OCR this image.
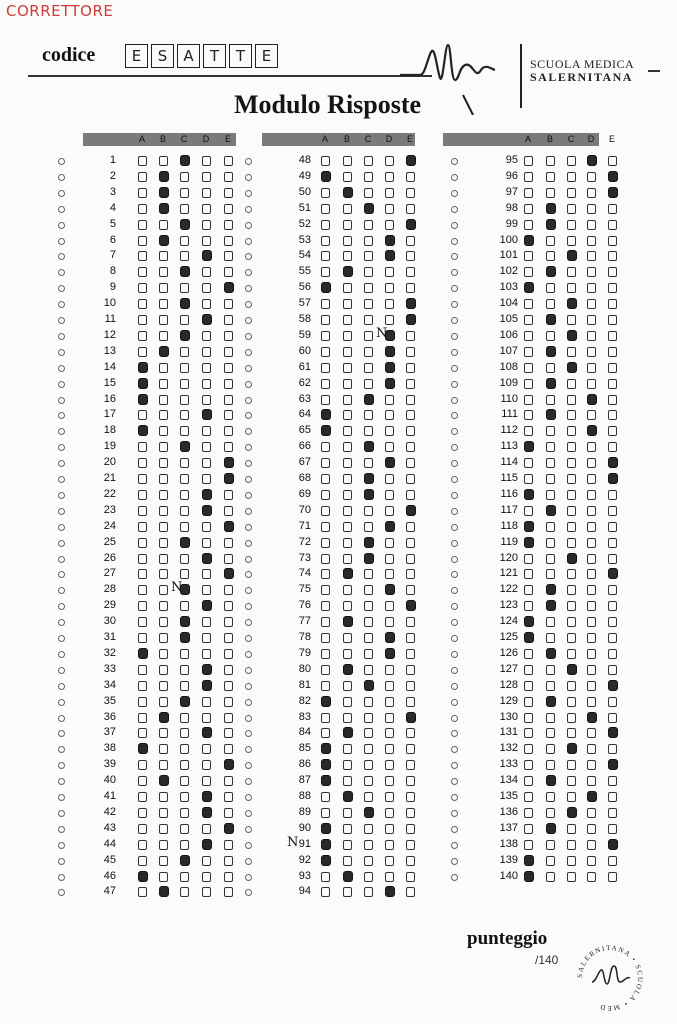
CORRETTORE
codice	E	S	A	T	T	E	SCUOLA MEDICA
SALERNITANA
Modulo Risposte
A B C D E
1
2
3
4
5
6
7
8
9
10
11
12
13
14
15
16
17
18
19
20
21
22
23
24
25
26
27
28	N
29
30
31
32
33
34
35
36
37
38
39
40
41
42
43
44
45
46
47
A B C D E
48
49
50
51
52
53
54
55
56
57
58
59	N
60
61
62
63
64
65
66
67
68
69
70
71
72
73
74
75
76
77
78
79
80
81
82
83
84
85
86
87
88
89
90
91
N
92
93
94
A B C D E
95
96
97
98
99
100
101
102
103
104
105
106
107
108
109
110
111
112
113
114
115
116
117
118
119
120
121
122
123
124
125
126
127
128
129
130
131
132
133
134
135
136
137
138
139
140
punteggio
/140
SALERNITANA • SCUOLA • MED
